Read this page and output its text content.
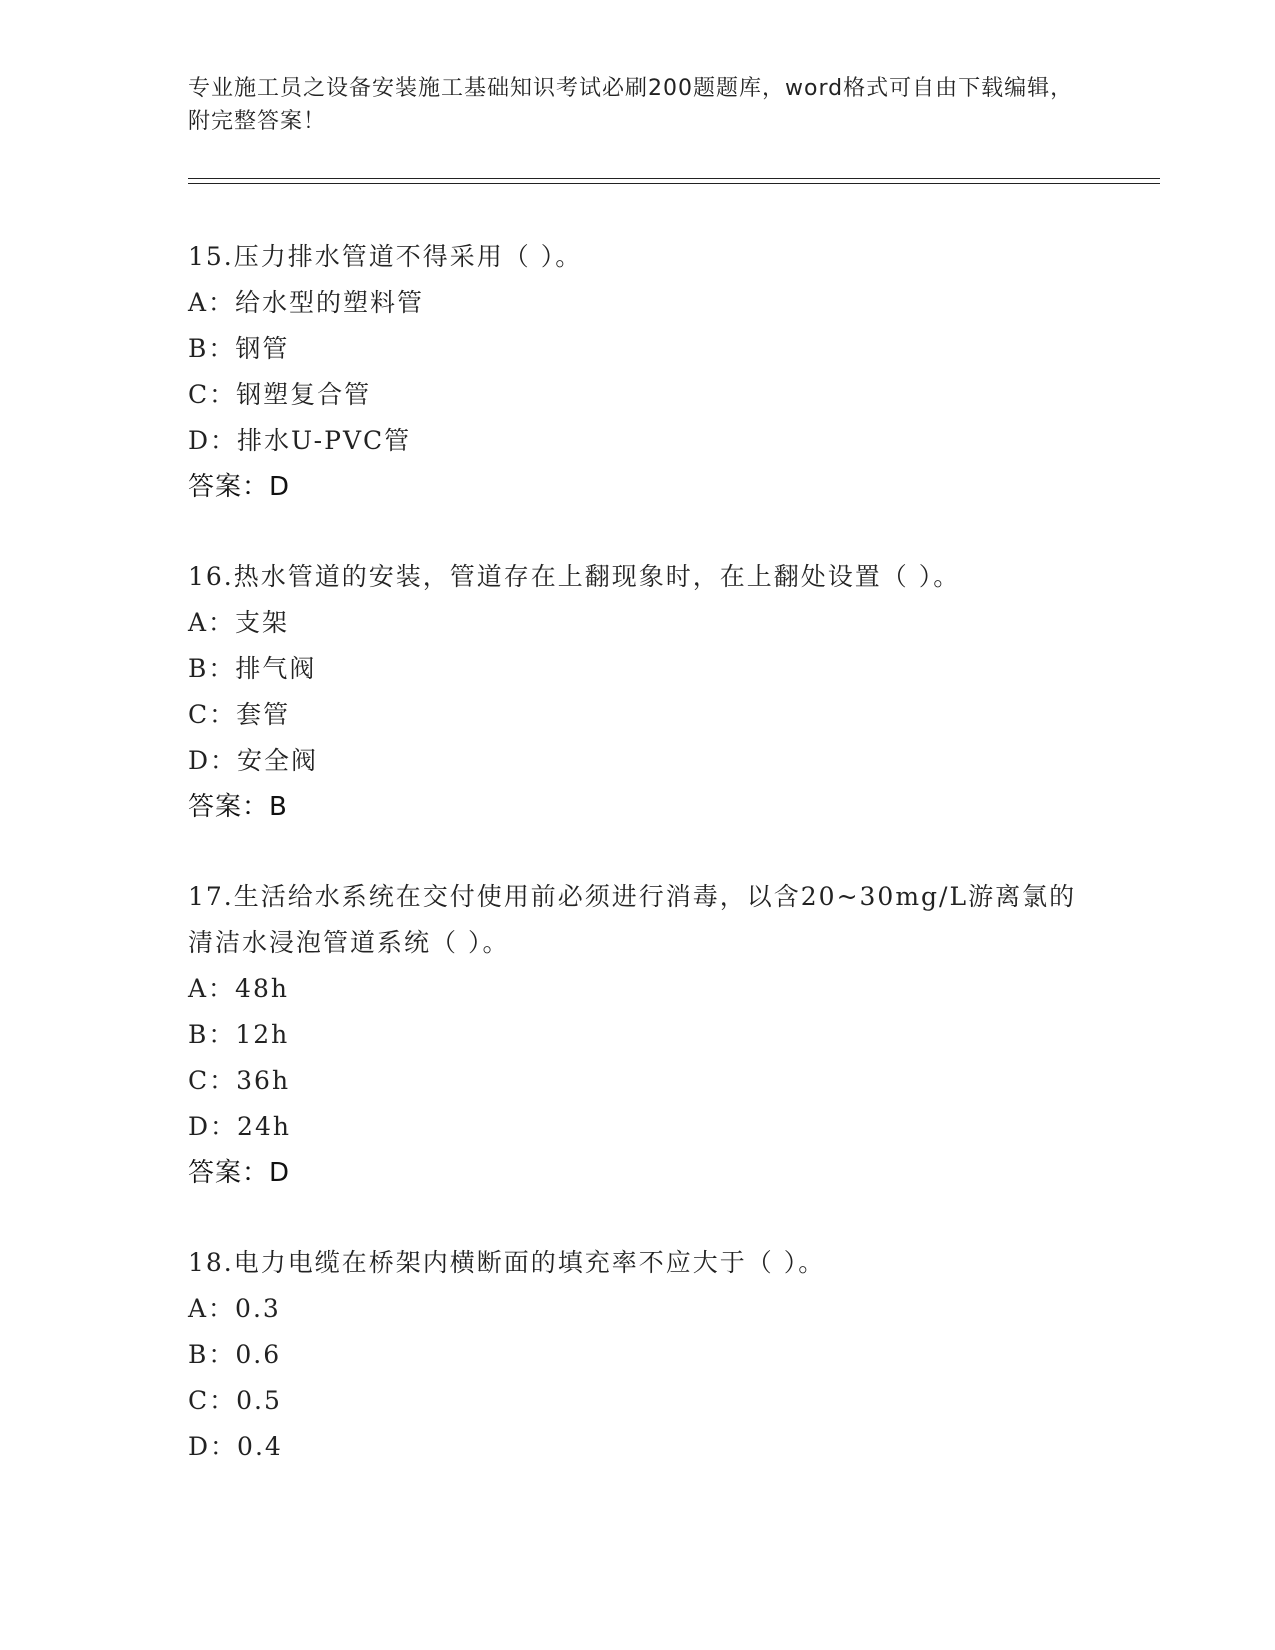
专业施工员之设备安装施工基础知识考试必刷200题题库，word格式可自由下载编辑，附完整答案！
15.压力排水管道不得采用（ ）。
A：给水型的塑料管
B：钢管
C：钢塑复合管
D：排水U-PVC管
答案：D
16.热水管道的安装，管道存在上翻现象时，在上翻处设置（ ）。
A：支架
B：排气阀
C：套管
D：安全阀
答案：B
17.生活给水系统在交付使用前必须进行消毒，以含20~30mg/L游离氯的清洁水浸泡管道系统（ ）。
A：48h
B：12h
C：36h
D：24h
答案：D
18.电力电缆在桥架内横断面的填充率不应大于（ ）。
A：0.3
B：0.6
C：0.5
D：0.4
